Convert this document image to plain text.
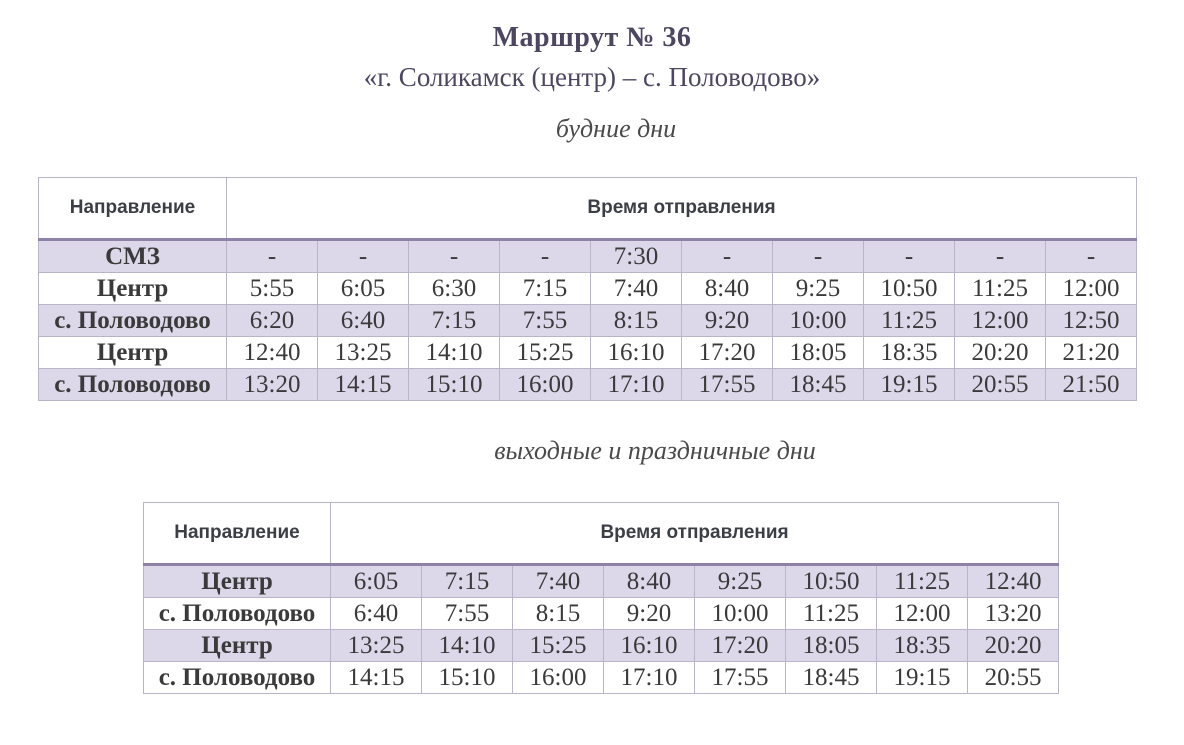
Маршрут № 36
«г. Соликамск (центр) – с. Половодово»
будние дни
Направление	Время отправления									
СМЗ	-	-	-	-	7:30	-	-	-	-	-
Центр	5:55	6:05	6:30	7:15	7:40	8:40	9:25	10:50	11:25	12:00
с. Половодово	6:20	6:40	7:15	7:55	8:15	9:20	10:00	11:25	12:00	12:50
Центр	12:40	13:25	14:10	15:25	16:10	17:20	18:05	18:35	20:20	21:20
с. Половодово	13:20	14:15	15:10	16:00	17:10	17:55	18:45	19:15	20:55	21:50
выходные и праздничные дни
Направление	Время отправления							
Центр	6:05	7:15	7:40	8:40	9:25	10:50	11:25	12:40
с. Половодово	6:40	7:55	8:15	9:20	10:00	11:25	12:00	13:20
Центр	13:25	14:10	15:25	16:10	17:20	18:05	18:35	20:20
с. Половодово	14:15	15:10	16:00	17:10	17:55	18:45	19:15	20:55
